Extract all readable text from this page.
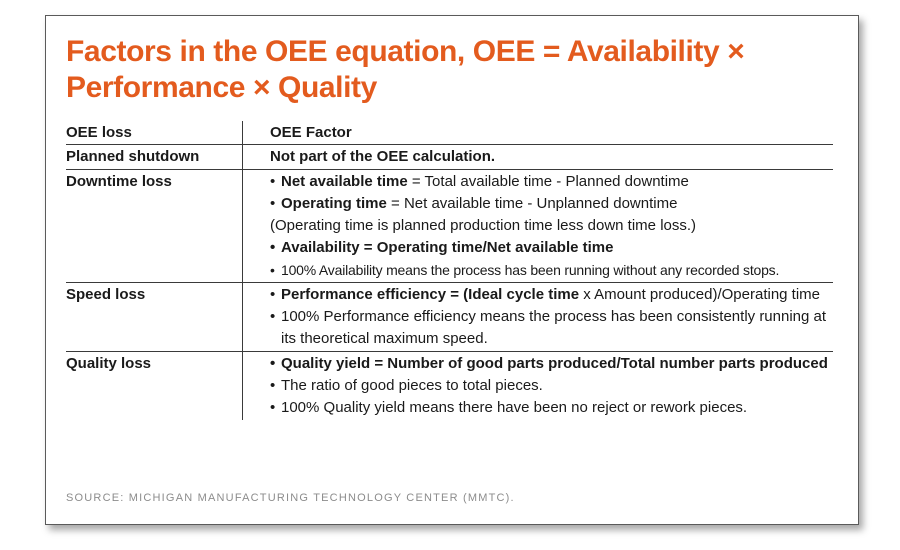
Factors in the OEE equation, OEE = Availability × Performance × Quality
OEE loss	OEE Factor
Planned shutdown	Not part of the OEE calculation.
Downtime loss	• Net available time = Total available time - Planned downtime
• Operating time = Net available time - Unplanned downtime
(Operating time is planned production time less down time loss.)
• Availability = Operating time/Net available time
• 100% Availability means the process has been running without any recorded stops.
Speed loss	• Performance efficiency = (Ideal cycle time x Amount produced)/Operating time
• 100% Performance efficiency means the process has been consistently running at its theoretical maximum speed.
Quality loss	• Quality yield = Number of good parts produced/Total number parts produced
• The ratio of good pieces to total pieces.
• 100% Quality yield means there have been no reject or rework pieces.
SOURCE: MICHIGAN MANUFACTURING TECHNOLOGY CENTER (MMTC).
